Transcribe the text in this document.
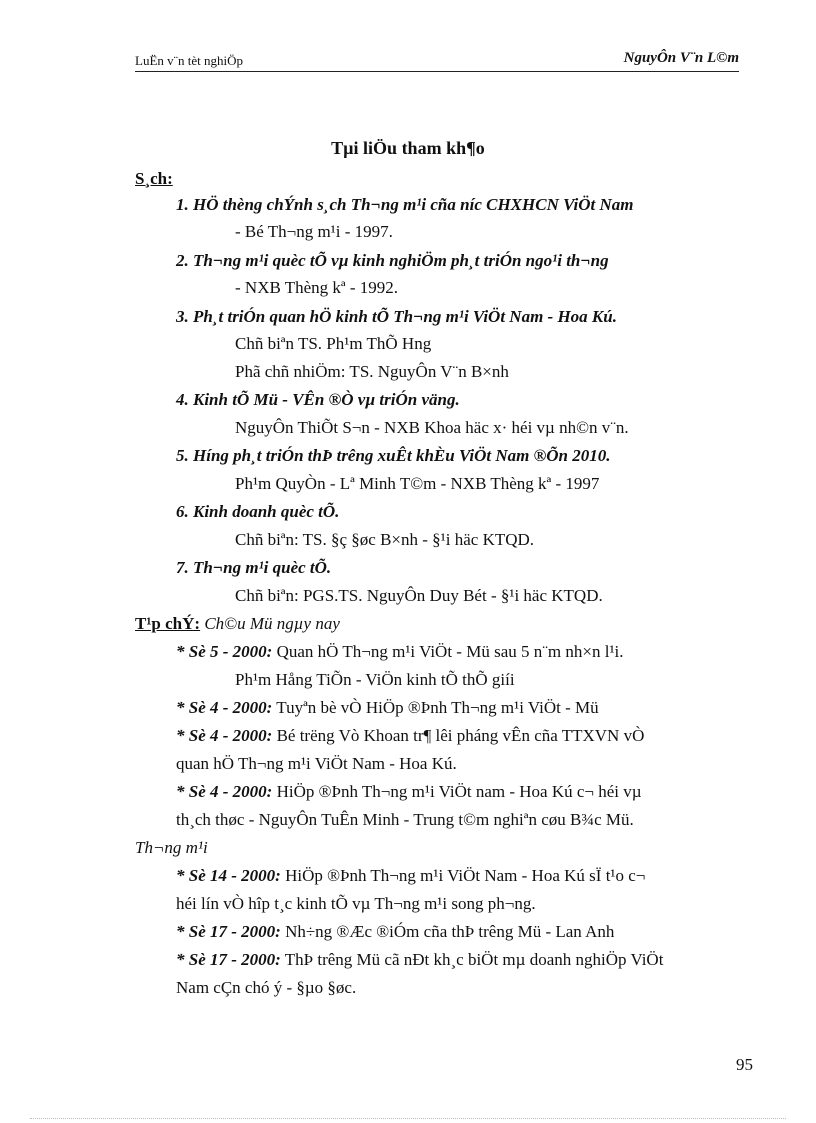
LuËn v¨n tèt nghiÖp	NguyÔn V¨n L©m
Tµi liÖu tham kh¶o
S¸ch:
1. HÖ thèng chÝnh s¸ch Th¬ng m¹i cña níc CHXHCN ViÖt Nam
- Bé Th¬ng m¹i - 1997.
2. Th¬ng m¹i quèc tÕ vµ kinh nghiÖm ph¸t triÓn ngo¹i th¬ng
- NXB Thèng kª - 1992.
3. Ph¸t triÓn quan hÖ kinh tÕ Th¬ng m¹i ViÖt Nam - Hoa Kú.
Chñ biªn TS. Ph¹m ThÕ Hng
Phã chñ nhiÖm: TS. NguyÔn V¨n B×nh
4. Kinh tÕ Mü - VÊn ®Ò vµ triÓn väng.
NguyÔn ThiÕt S¬n - NXB Khoa häc x· héi vµ nh©n v¨n.
5. Híng ph¸t triÓn thÞ trêng xuÊt khÈu ViÖt Nam ®Õn 2010.
Ph¹m QuyÒn - Lª Minh T©m - NXB Thèng kª - 1997
6. Kinh doanh quèc tÕ.
Chñ biªn: TS. §ç §øc B×nh - §¹i häc KTQD.
7. Th¬ng m¹i quèc tÕ.
Chñ biªn: PGS.TS. NguyÔn Duy Bét - §¹i häc KTQD.
T¹p chÝ: Ch©u Mü ngµy nay
* Sè 5 - 2000: Quan hÖ Th¬ng m¹i ViÖt - Mü sau 5 n¨m nh×n l¹i.
Ph¹m Hång TiÕn - ViÖn kinh tÕ thÕ giíi
* Sè 4 - 2000: Tuyªn bè vÒ HiÖp ®Þnh Th¬ng m¹i ViÖt - Mü
* Sè 4 - 2000: Bé trëng Vò Khoan tr¶ lêi pháng vÊn cña TTXVN vÒ
quan hÖ Th¬ng m¹i ViÖt Nam - Hoa Kú.
* Sè 4 - 2000: HiÖp ®Þnh Th¬ng m¹i ViÖt nam - Hoa Kú c¬ héi vµ
th¸ch thøc - NguyÔn TuÊn Minh - Trung t©m nghiªn cøu B¾c Mü.
Th¬ng m¹i
* Sè 14 - 2000: HiÖp ®Þnh Th¬ng m¹i ViÖt Nam - Hoa Kú sÏ t¹o c¬
héi lín vÒ hîp t¸c kinh tÕ vµ Th¬ng m¹i song ph¬ng.
* Sè 17 - 2000: Nh÷ng ®Æc ®iÓm cña thÞ trêng Mü - Lan Anh
* Sè 17 - 2000: ThÞ trêng Mü cã nÐt kh¸c biÖt mµ doanh nghiÖp ViÖt
Nam cÇn chó ý - §µo §øc.
95
